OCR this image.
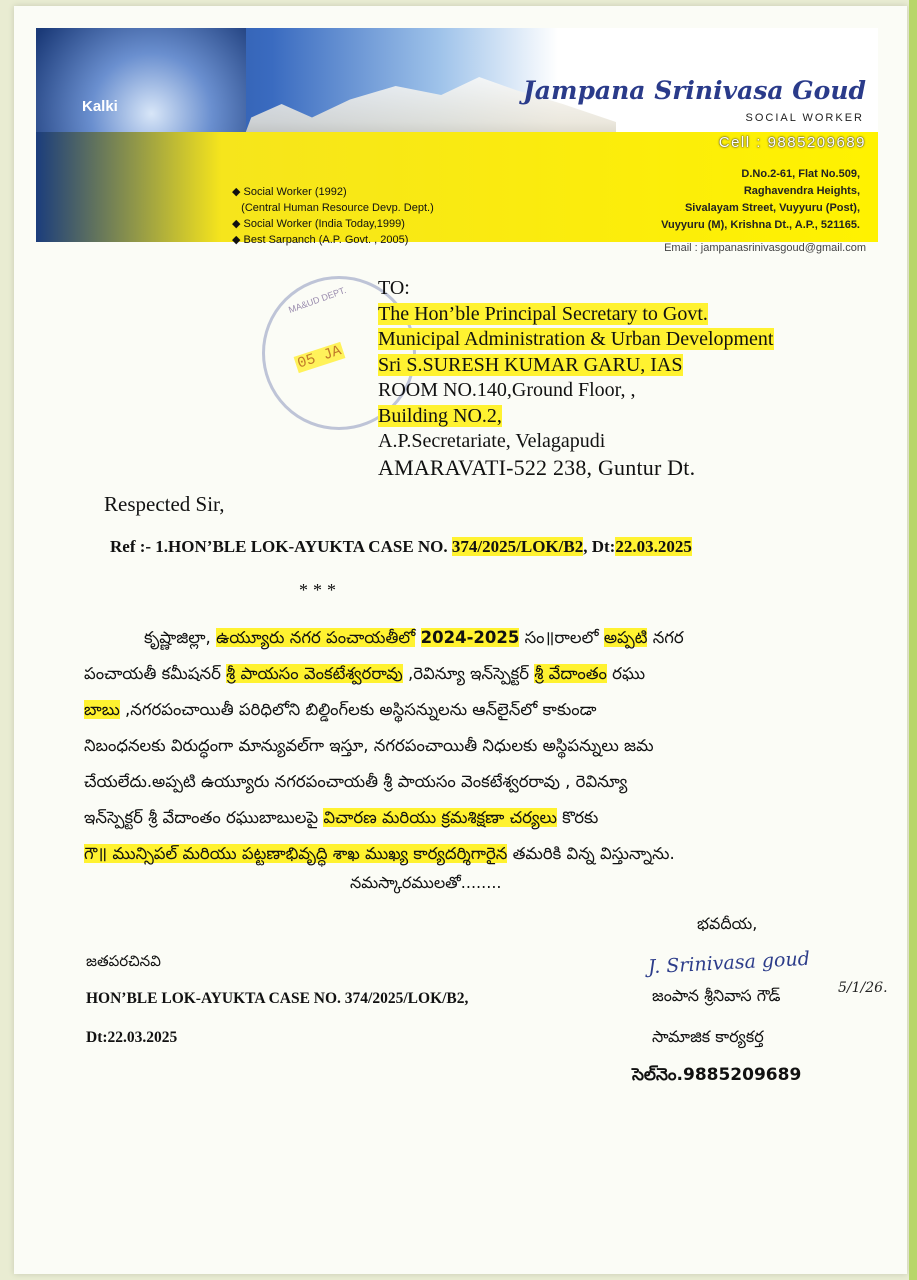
Kalki
Jampana Srinivasa Goud
SOCIAL WORKER
Cell : 9885209689
D.No.2-61, Flat No.509,
Raghavendra Heights,
Sivalayam Street, Vuyyuru (Post),
Vuyyuru (M), Krishna Dt., A.P., 521165.
Email : jampanasrinivasgoud@gmail.com
◆ Social Worker (1992)
(Central Human Resource Devp. Dept.)
◆ Social Worker (India Today,1999)
◆ Best Sarpanch (A.P. Govt. , 2005)
MA&UD DEPT.
05 JA
TO:
The Hon’ble Principal Secretary to Govt.
Municipal Administration & Urban Development
Sri S.SURESH KUMAR GARU, IAS
ROOM NO.140,Ground Floor, ,
Building NO.2,
A.P.Secretariate, Velagapudi
AMARAVATI-522 238, Guntur Dt.
Respected Sir,
Ref :- 1.HON’BLE LOK-AYUKTA CASE NO. 374/2025/LOK/B2, Dt:22.03.2025
***

కృష్ణాజిల్లా, ఉయ్యూరు నగర పంచాయతీలో 2024-2025 సం॥రాలలో అప్పటి నగర

పంచాయతీ కమీషనర్ శ్రీ పాయసం వెంకటేశ్వరరావు ,రెవిన్యూ ఇన్‌స్పెక్టర్ శ్రీ వేదాంతం రఘు

బాబు ,నగరపంచాయితీ పరిధిలోని బిల్డింగ్‌లకు అస్థిసన్నులను ఆన్‌లైన్‌లో కాకుండా

నిబంధనలకు విరుద్ధంగా మాన్యువల్‌గా ఇస్తూ, నగరపంచాయితీ నిధులకు అస్థిపన్నులు జమ

చేయలేదు.అప్పటి ఉయ్యూరు నగరపంచాయతీ శ్రీ పాయసం వెంకటేశ్వరరావు , రెవిన్యూ

ఇన్‌స్పెక్టర్ శ్రీ వేదాంతం రఘుబాబులపై విచారణ మరియు క్రమశిక్షణా చర్యలు కొరకు

గౌ॥ మున్సిపల్ మరియు పట్టణాభివృద్ధి శాఖ ముఖ్య కార్యదర్శిగారైన తమరికి విన్న విస్తున్నాను.

నమస్కారములతో........
భవదీయ,
జతపరచినవి
HON’BLE LOK-AYUKTA CASE NO. 374/2025/LOK/B2,
Dt:22.03.2025
J. Srinivasa goud
5/1/26.
జంపాన శ్రీనివాస గౌడ్
సామాజిక కార్యకర్త
సెల్‌నెం.9885209689
